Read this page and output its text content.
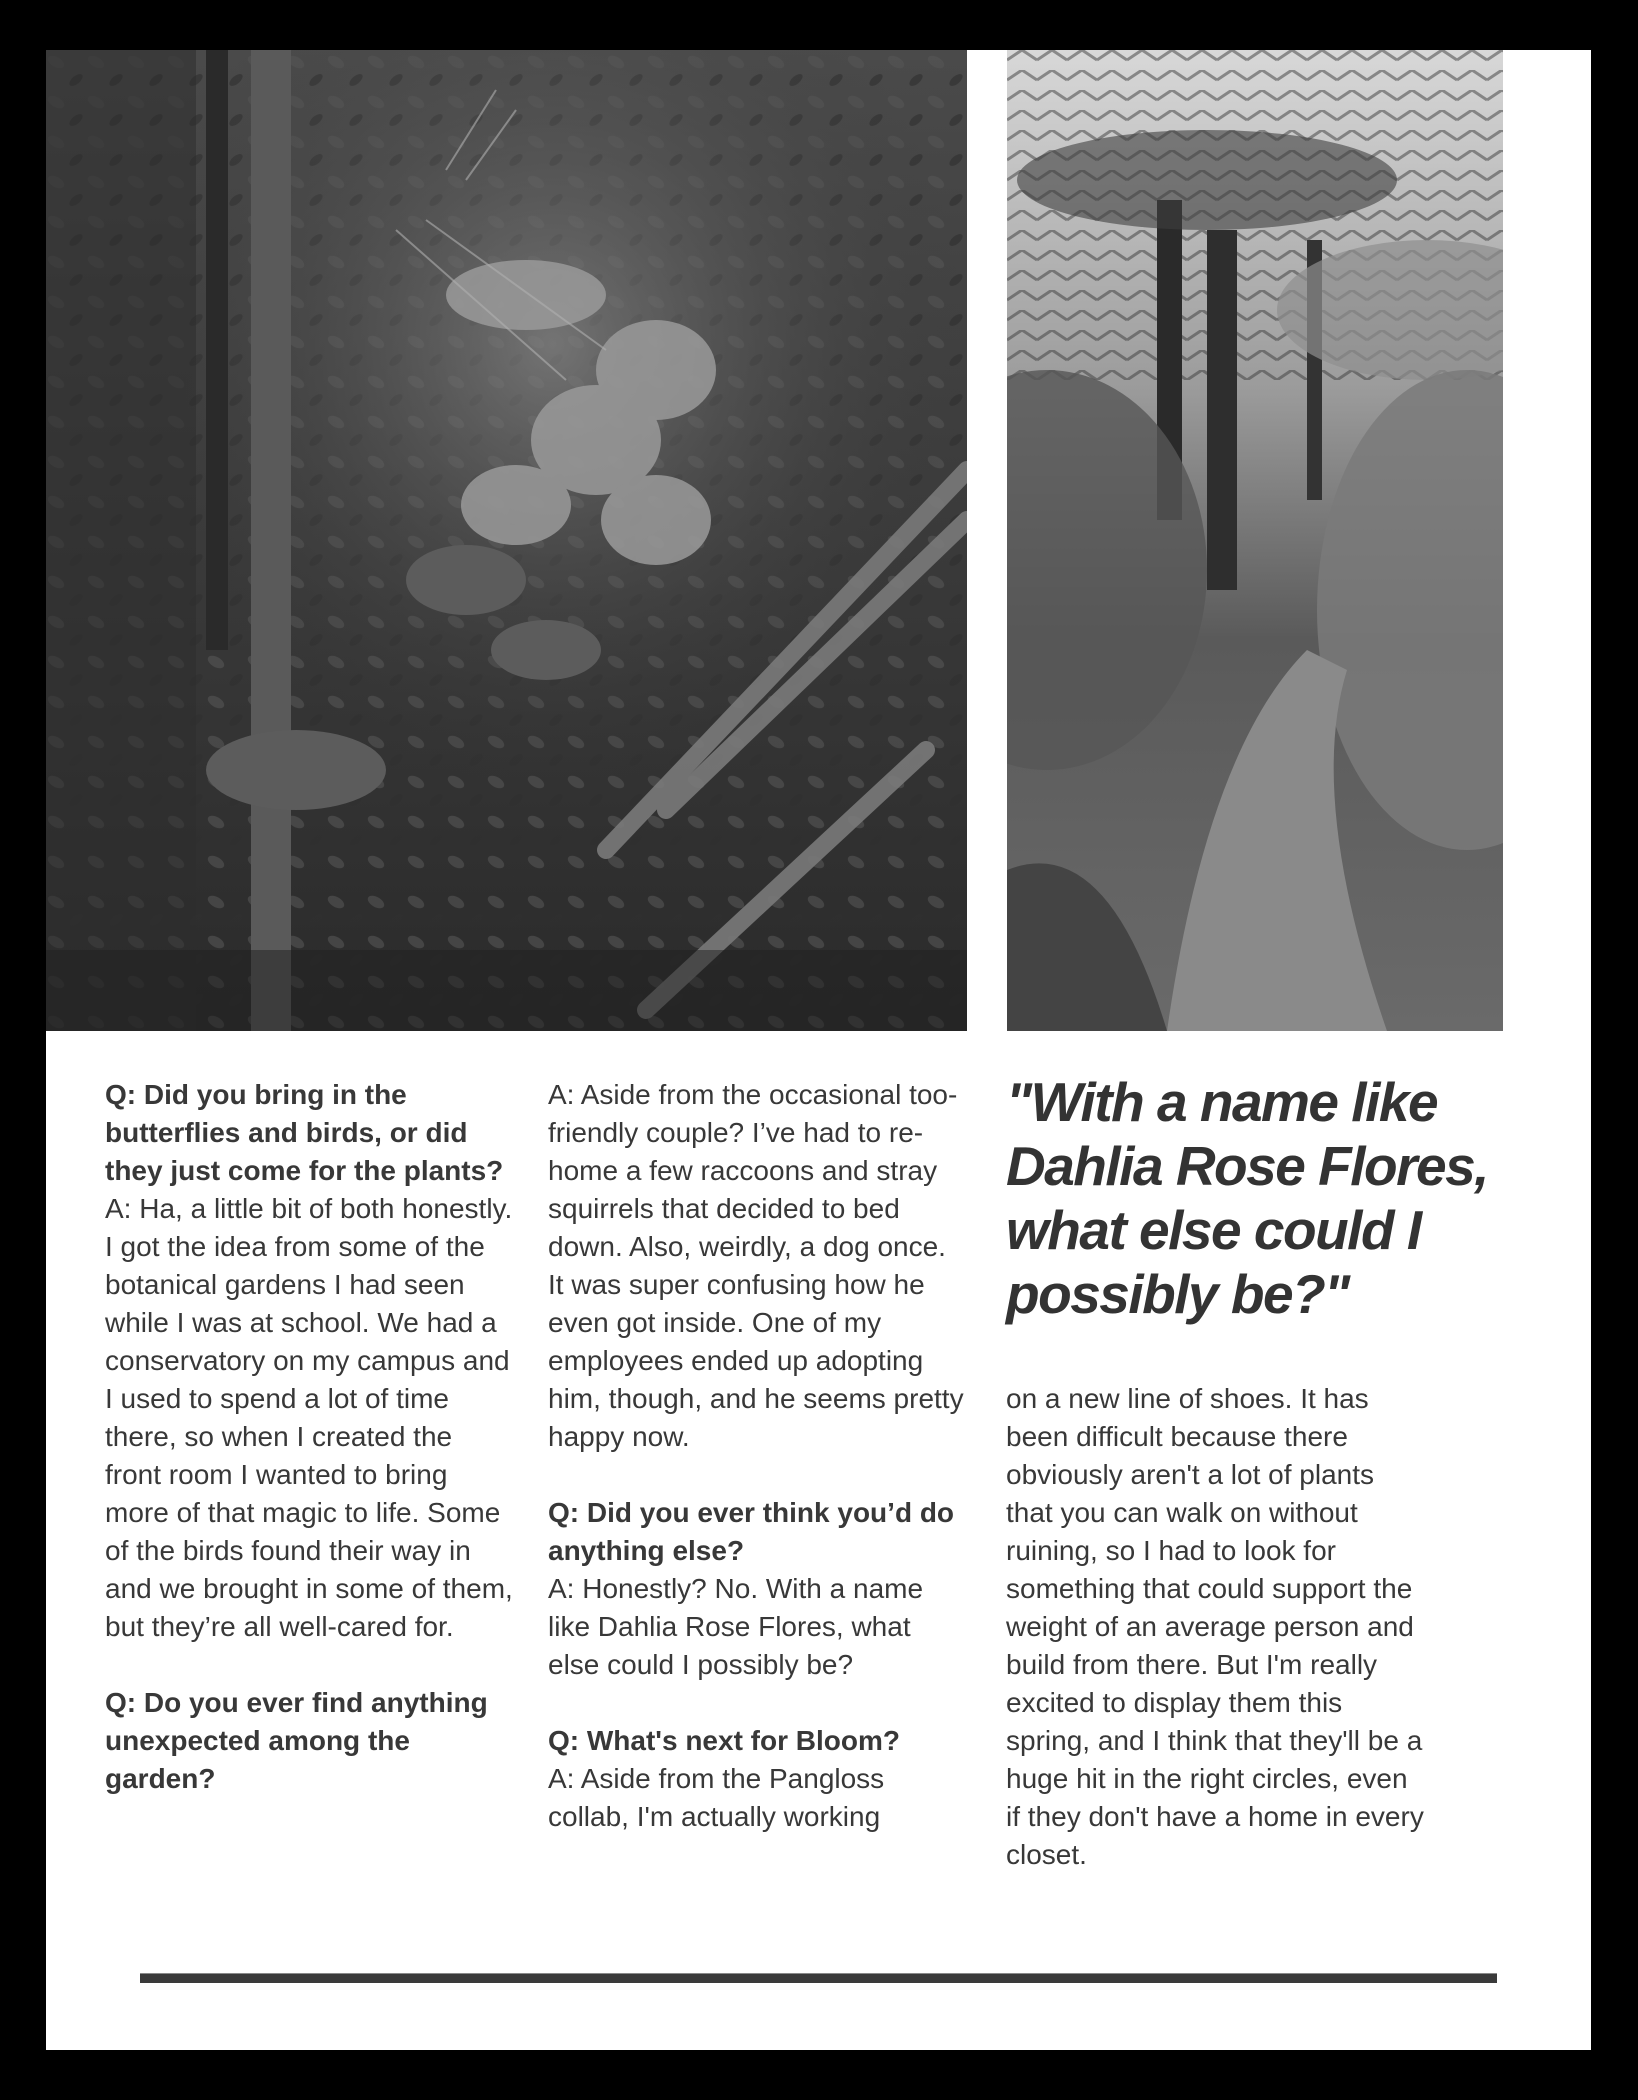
Q: Did you bring in the butterflies and birds, or did they just come for the plants?
A: Ha, a little bit of both honestly. I got the idea from some of the botanical gardens I had seen while I was at school. We had a conservatory on my campus and I used to spend a lot of time there, so when I created the front room I wanted to bring more of that magic to life. Some of the birds found their way in and we brought in some of them, but they’re all well-cared for.
Q: Do you ever find anything unexpected among the garden?
A: Aside from the occasional too-friendly couple? I’ve had to re-home a few raccoons and stray squirrels that decided to bed down. Also, weirdly, a dog once. It was super confusing how he even got inside. One of my employees ended up adopting him, though, and he seems pretty happy now.
Q: Did you ever think you’d do anything else?
A: Honestly? No. With a name like Dahlia Rose Flores, what else could I possibly be?
Q: What's next for Bloom?
A: Aside from the Pangloss collab, I'm actually working
"With a name like Dahlia Rose Flores, what else could I possibly be?"
on a new line of shoes. It has been difficult because there obviously aren't a lot of plants that you can walk on without ruining, so I had to look for something that could support the weight of an average person and build from there. But I'm really excited to display them this spring, and I think that they'll be a huge hit in the right circles, even if they don't have a home in every closet.
